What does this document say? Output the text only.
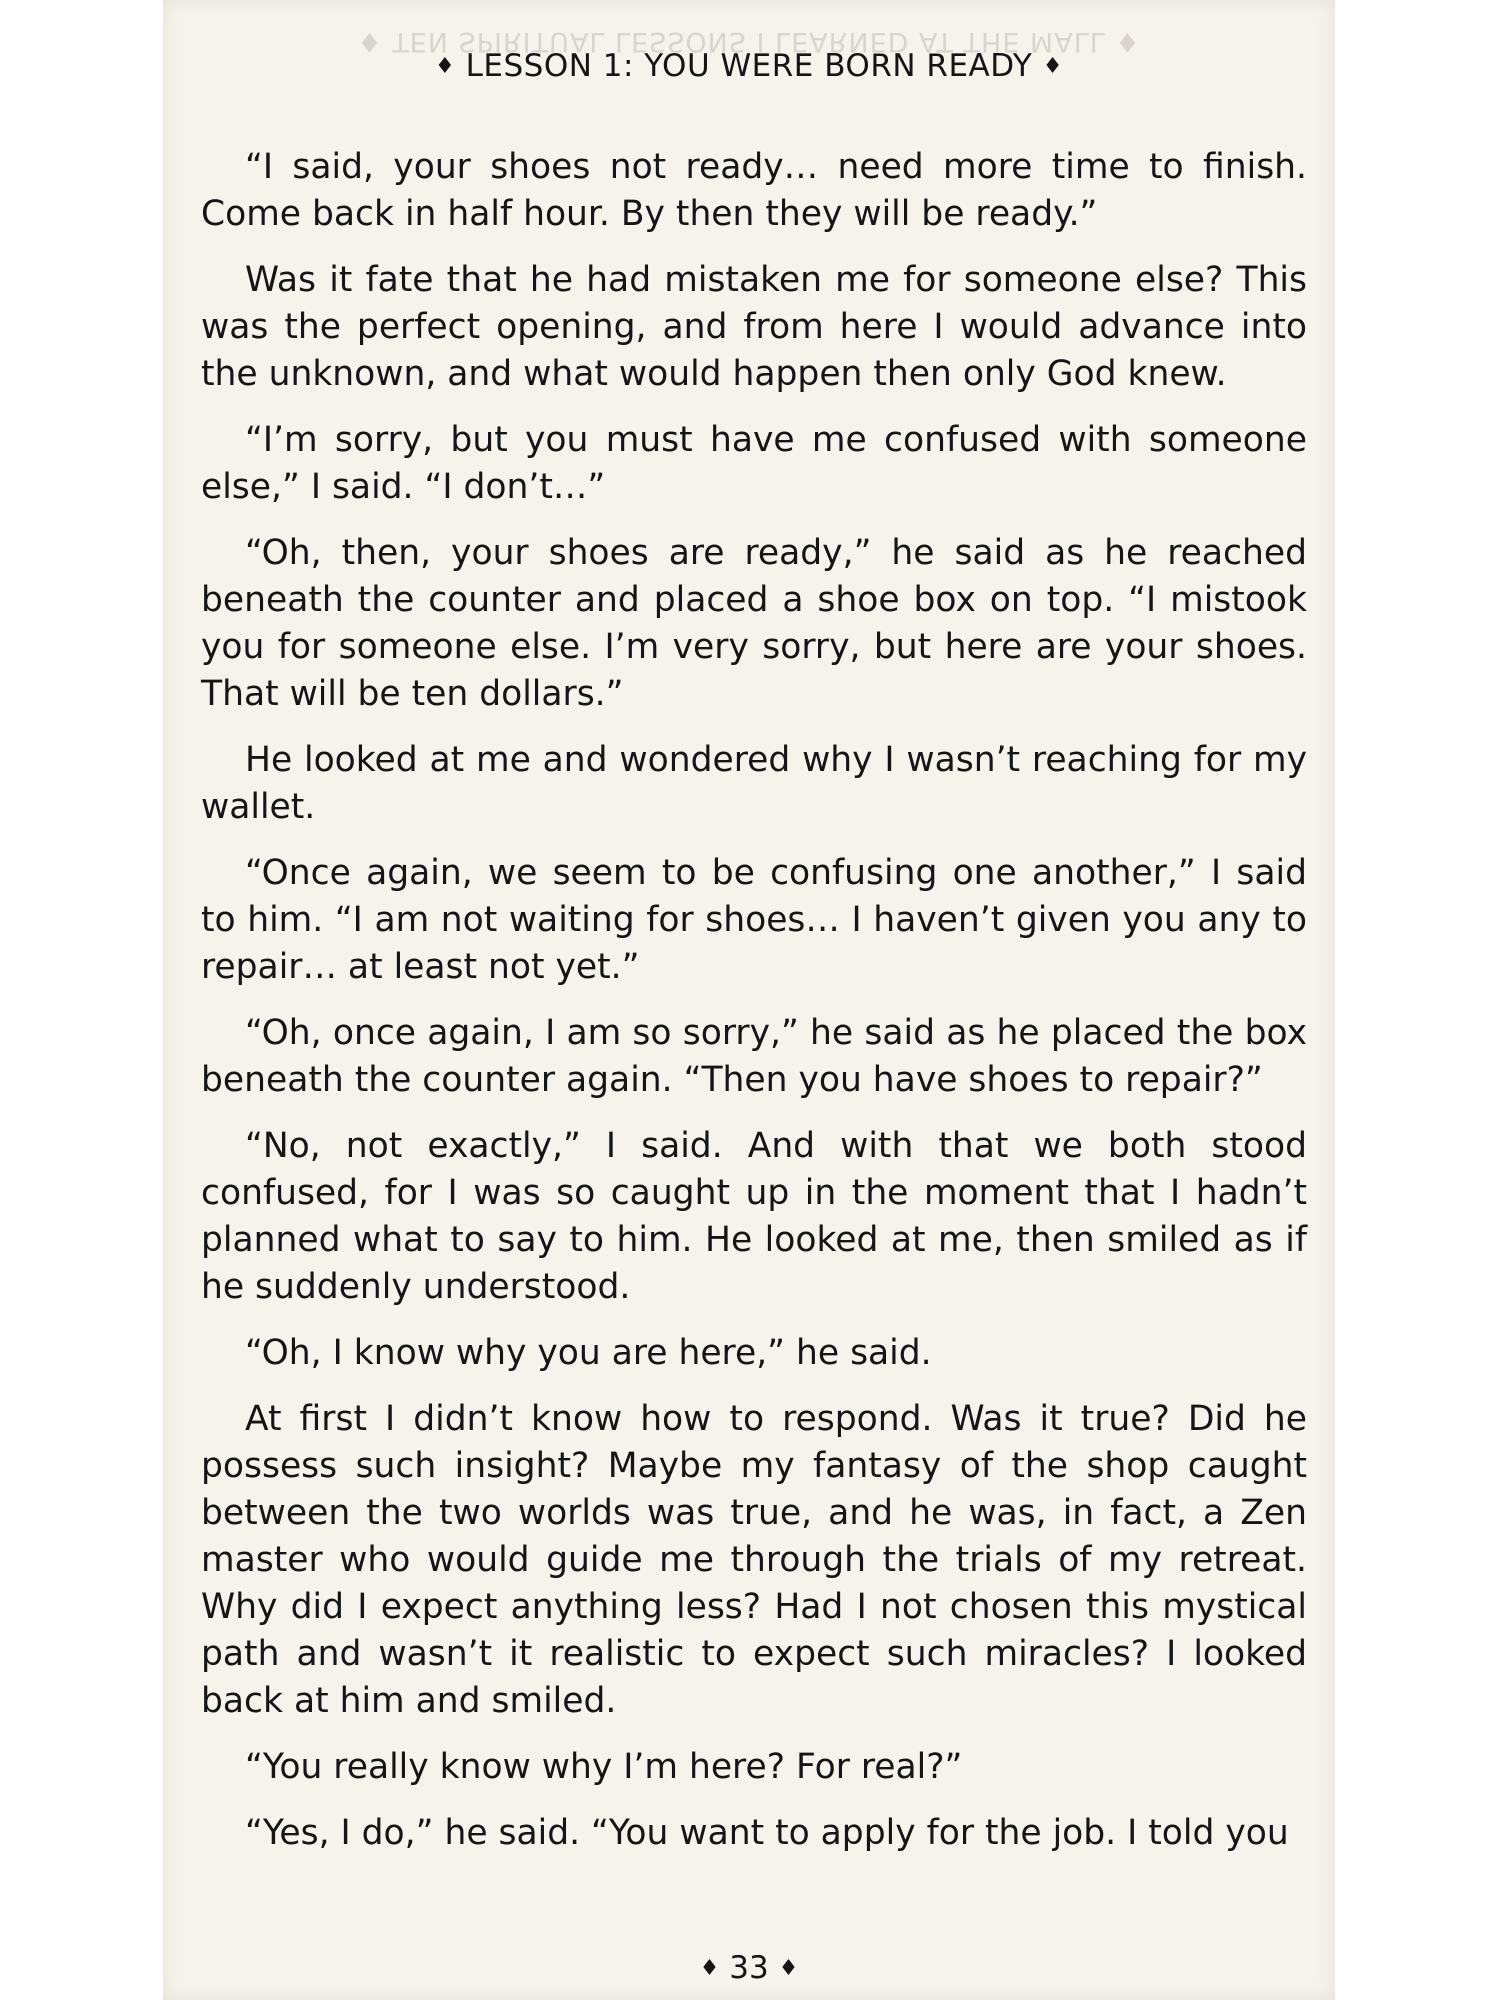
♦ TEN SPIRITUAL LESSONS I LEARNED AT THE MALL ♦
♦ LESSON 1: YOU WERE BORN READY ♦

“I said, your shoes not ready… need more time to finish. Come back in half hour. By then they will be ready.”

Was it fate that he had mistaken me for someone else? This was the perfect opening, and from here I would advance into the unknown, and what would happen then only God knew.

“I’m sorry, but you must have me confused with someone else,” I said. “I don’t…”

“Oh, then, your shoes are ready,” he said as he reached beneath the counter and placed a shoe box on top. “I mistook you for someone else. I’m very sorry, but here are your shoes. That will be ten dollars.”

He looked at me and wondered why I wasn’t reaching for my wallet.

“Once again, we seem to be confusing one another,” I said to him. “I am not waiting for shoes… I haven’t given you any to repair… at least not yet.”

“Oh, once again, I am so sorry,” he said as he placed the box beneath the counter again. “Then you have shoes to repair?”

“No, not exactly,” I said. And with that we both stood confused, for I was so caught up in the moment that I hadn’t planned what to say to him. He looked at me, then smiled as if he suddenly understood.

“Oh, I know why you are here,” he said.

At first I didn’t know how to respond. Was it true? Did he possess such insight? Maybe my fantasy of the shop caught between the two worlds was true, and he was, in fact, a Zen master who would guide me through the trials of my retreat. Why did I expect anything less? Had I not chosen this mystical path and wasn’t it realistic to expect such miracles? I looked back at him and smiled.

“You really know why I’m here? For real?”

“Yes, I do,” he said. “You want to apply for the job. I told you

♦ 33 ♦
